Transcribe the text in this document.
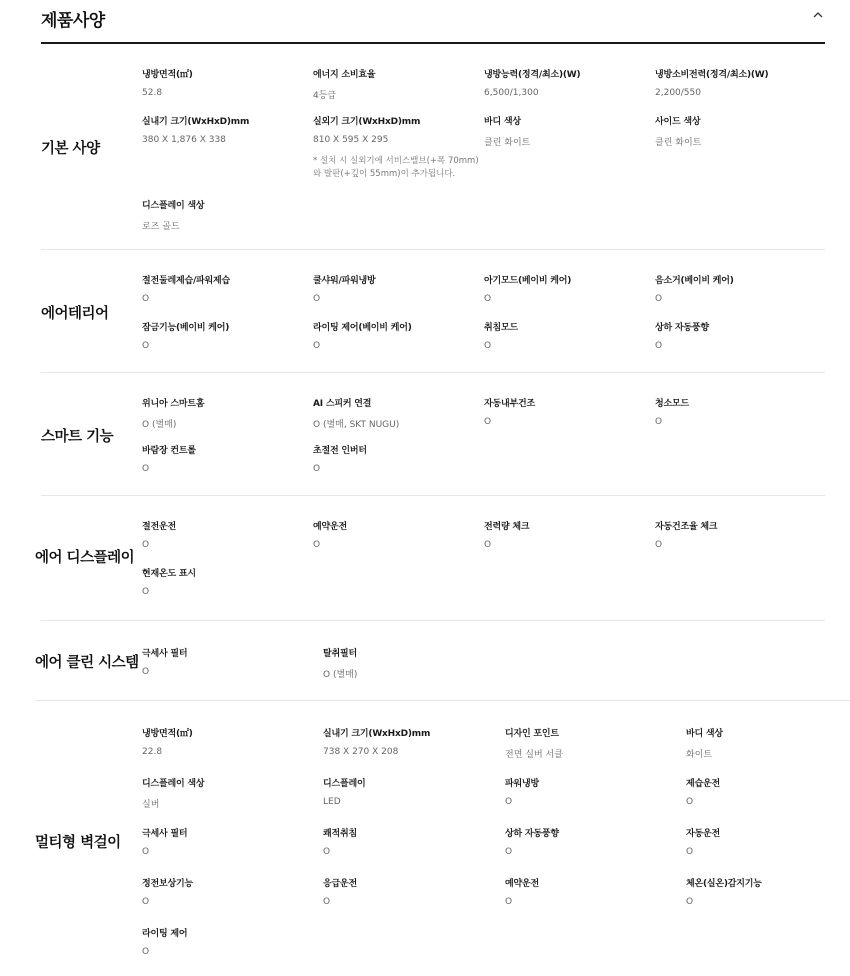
제품사양
기본 사양
냉방면적(㎡)
52.8
에너지 소비효율
4등급
냉방능력(정격/최소)(W)
6,500/1,300
냉방소비전력(정격/최소)(W)
2,200/550
실내기 크기(WxHxD)mm
380 X 1,876 X 338
실외기 크기(WxHxD)mm
810 X 595 X 295
* 설치 시 실외기에 서비스밸브(+폭 70mm)와 발판(+깊이 55mm)이 추가됩니다.
바디 색상
클린 화이트
사이드 색상
클린 화이트
디스플레이 색상
로즈 골드
에어테리어
절전둘레제습/파워제습
O
쿨샤워/파워냉방
O
아기모드(베이비 케어)
O
음소거(베이비 케어)
O
잠금기능(베이비 케어)
O
라이팅 제어(베이비 케어)
O
취침모드
O
상하 자동풍향
O
스마트 기능
위니아 스마트홈
O (별매)
AI 스피커 연결
O (별매, SKT NUGU)
자동내부건조
O
청소모드
O
바람장 컨트롤
O
초절전 인버터
O
에어 디스플레이
절전운전
O
예약운전
O
전력량 체크
O
자동건조율 체크
O
현재온도 표시
O
에어 클린 시스템
극세사 필터
O
탈취필터
O (별매)
멀티형 벽걸이
냉방면적(㎡)
22.8
실내기 크기(WxHxD)mm
738 X 270 X 208
디자인 포인트
전면 실버 서클
바디 색상
화이트
디스플레이 색상
실버
디스플레이
LED
파워냉방
O
제습운전
O
극세사 필터
O
쾌적취침
O
상하 자동풍향
O
자동운전
O
정전보상기능
O
응급운전
O
예약운전
O
체온(실온)감지기능
O
라이팅 제어
O
